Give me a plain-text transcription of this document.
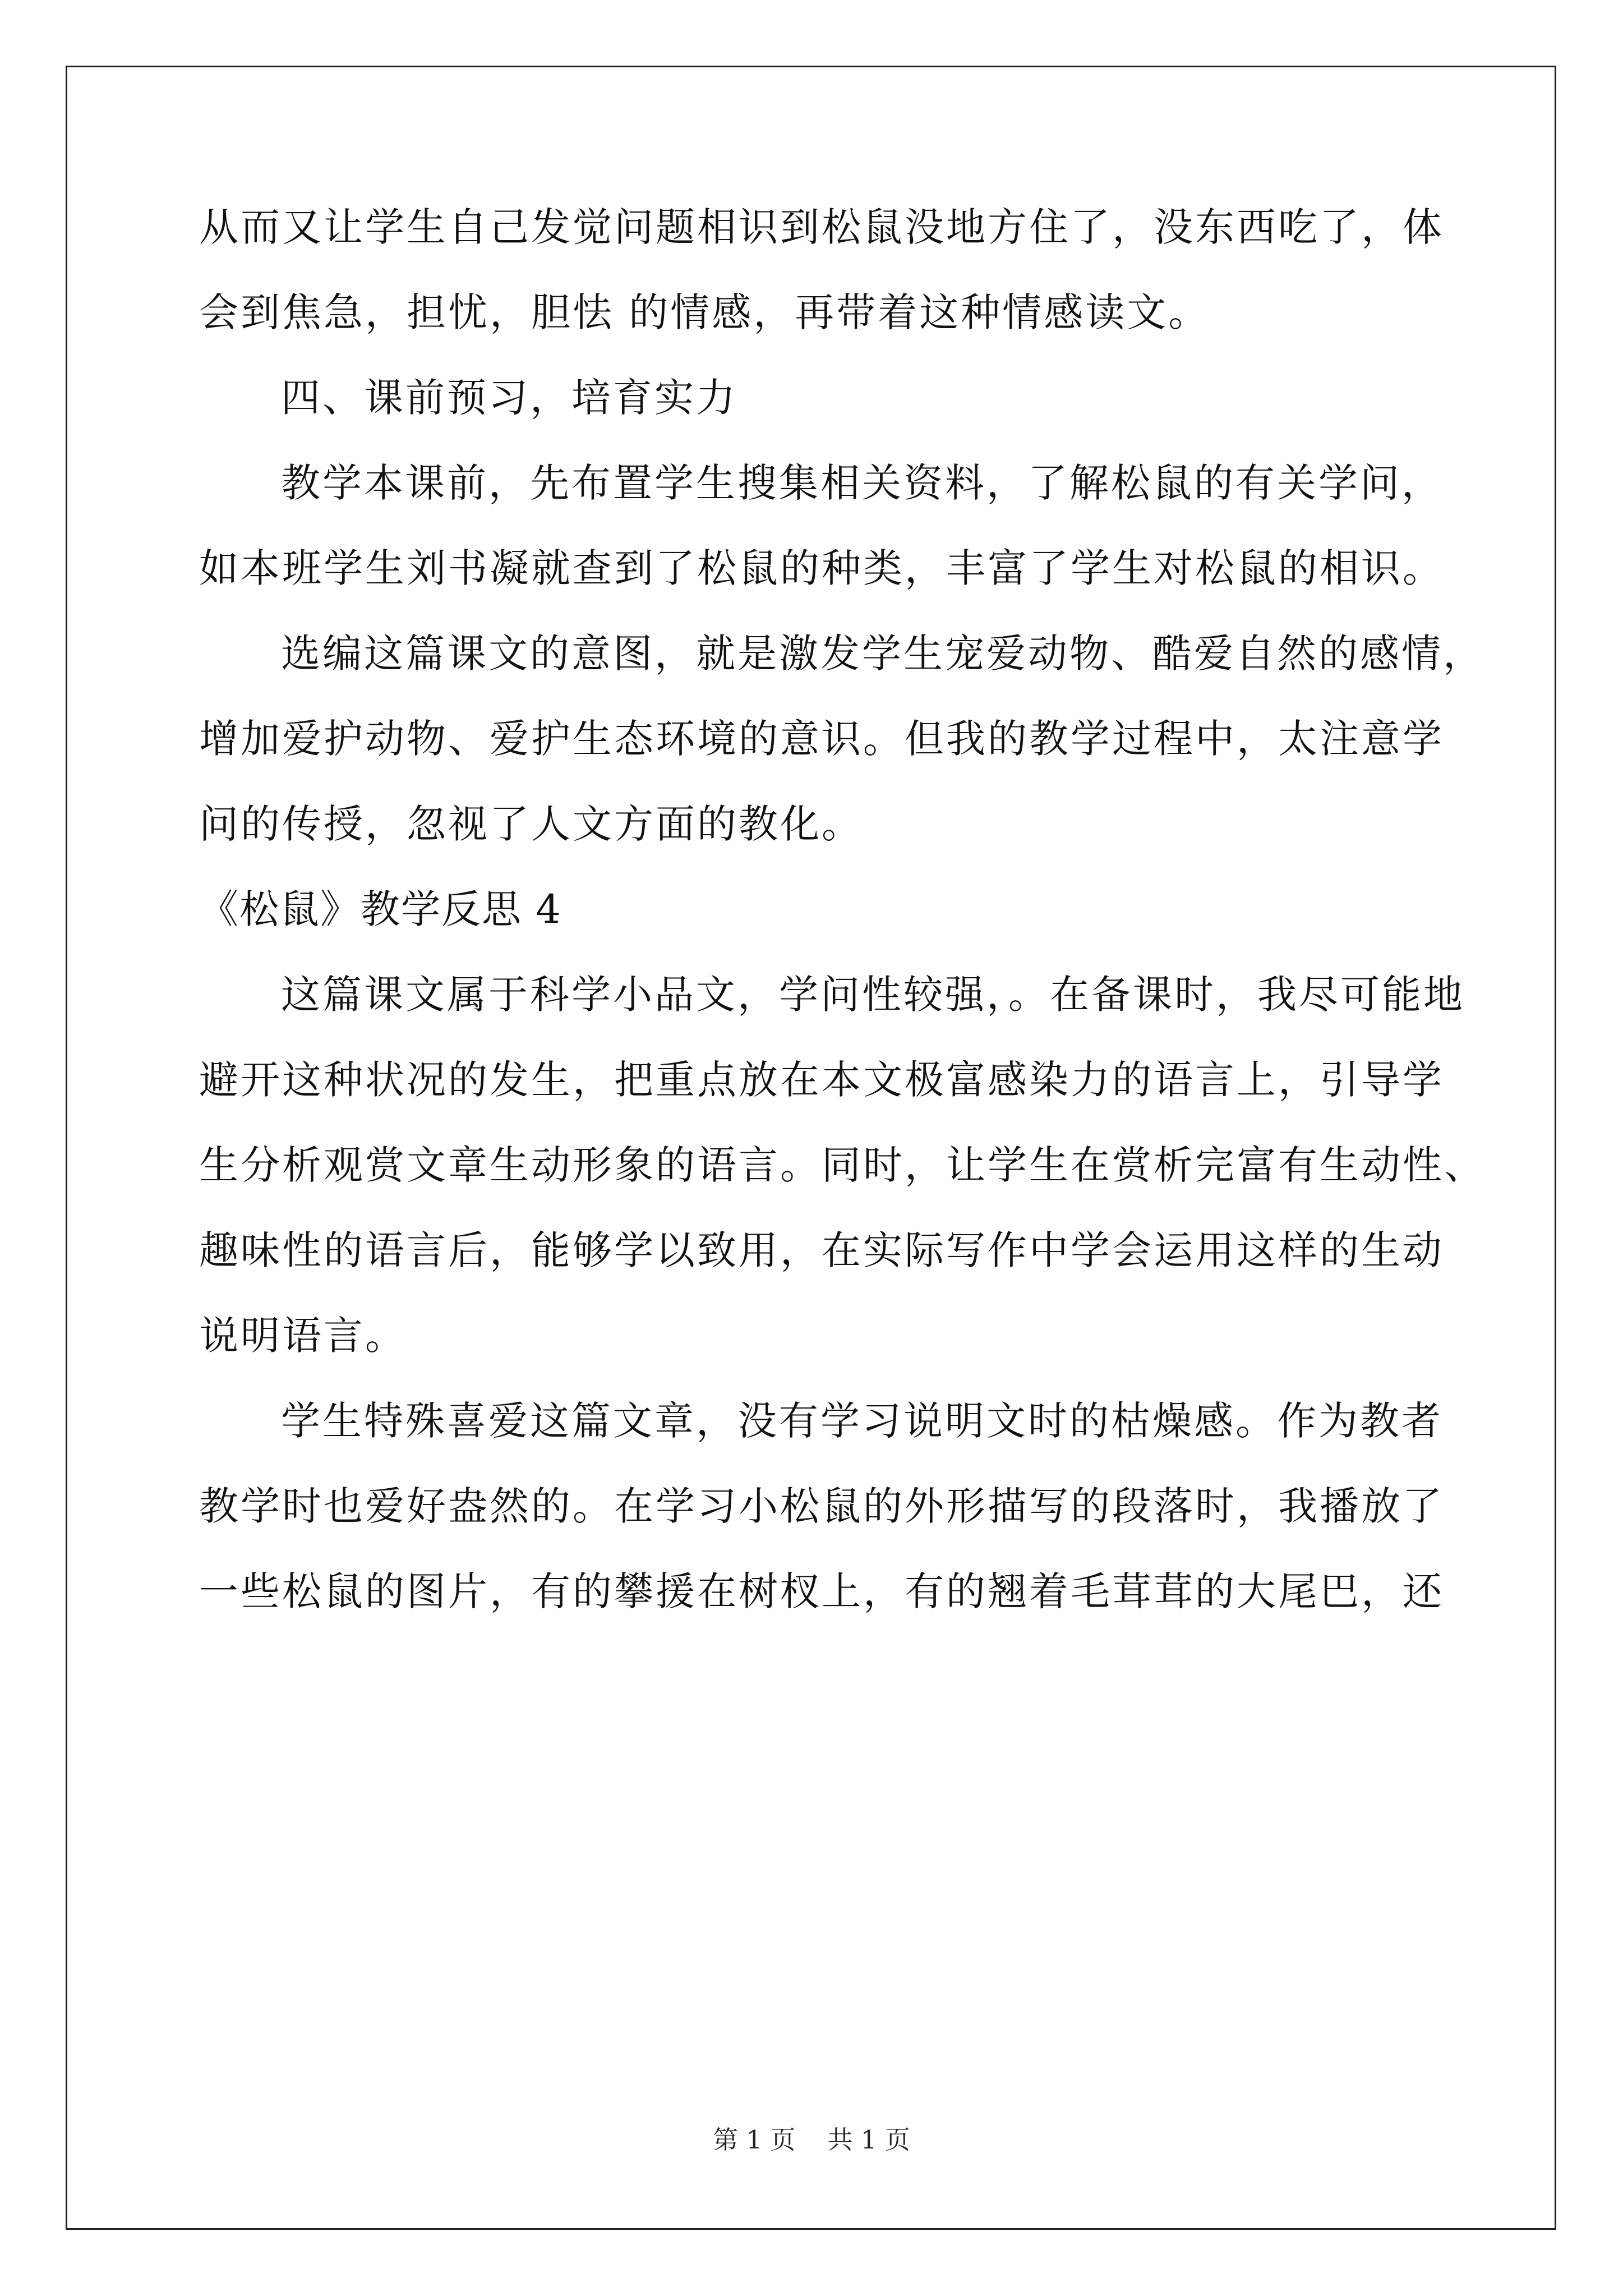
从而又让学生自己发觉问题相识到松鼠没地方住了，没东西吃了，体
会到焦急，担忧，胆怯 的情感，再带着这种情感读文。
四、课前预习，培育实力
教学本课前，先布置学生搜集相关资料，了解松鼠的有关学问，
如本班学生刘书凝就查到了松鼠的种类，丰富了学生对松鼠的相识。
选编这篇课文的意图，就是激发学生宠爱动物、酷爱自然的感情，
增加爱护动物、爱护生态环境的意识。但我的教学过程中，太注意学
问的传授，忽视了人文方面的教化。
《松鼠》教学反思 4
这篇课文属于科学小品文，学问性较强，。在备课时，我尽可能地
避开这种状况的发生，把重点放在本文极富感染力的语言上，引导学
生分析观赏文章生动形象的语言。同时，让学生在赏析完富有生动性、
趣味性的语言后，能够学以致用，在实际写作中学会运用这样的生动
说明语言。
学生特殊喜爱这篇文章，没有学习说明文时的枯燥感。作为教者
教学时也爱好盎然的。在学习小松鼠的外形描写的段落时，我播放了
一些松鼠的图片，有的攀援在树杈上，有的翘着毛茸茸的大尾巴，还
第 1 页    共 1 页
